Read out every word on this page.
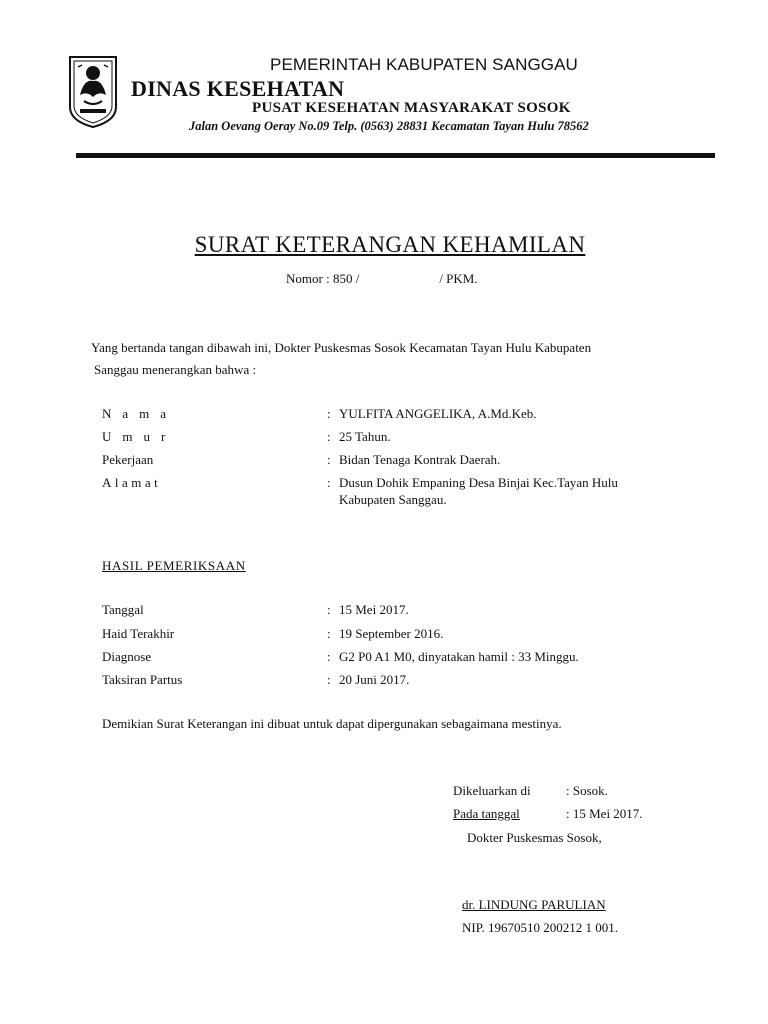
PEMERINTAH KABUPATEN SANGGAU
DINAS KESEHATAN
PUSAT KESEHATAN MASYARAKAT SOSOK
Jalan Oevang Oeray No.09 Telp. (0563) 28831 Kecamatan Tayan Hulu 78562
SURAT KETERANGAN KEHAMILAN
Nomor : 850 /	/ PKM.
Yang bertanda tangan dibawah ini, Dokter Puskesmas Sosok Kecamatan Tayan Hulu Kabupaten
Sanggau menerangkan bahwa :
Nama	: YULFITA ANGGELIKA, A.Md.Keb.
Umur	: 25 Tahun.
Pekerjaan	: Bidan Tenaga Kontrak Daerah.
Alamat	: Dusun Dohik Empaning Desa Binjai Kec.Tayan Hulu
Kabupaten Sanggau.
HASIL PEMERIKSAAN
Tanggal	: 15 Mei 2017.
Haid Terakhir	: 19 September 2016.
Diagnose	: G2 P0 A1 M0, dinyatakan hamil : 33 Minggu.
Taksiran Partus	: 20 Juni 2017.
Demikian Surat Keterangan ini dibuat untuk dapat dipergunakan sebagaimana mestinya.
Dikeluarkan di	: Sosok.
Pada tanggal	: 15 Mei 2017.
Dokter Puskesmas Sosok,
dr. LINDUNG PARULIAN
NIP. 19670510 200212 1 001.
